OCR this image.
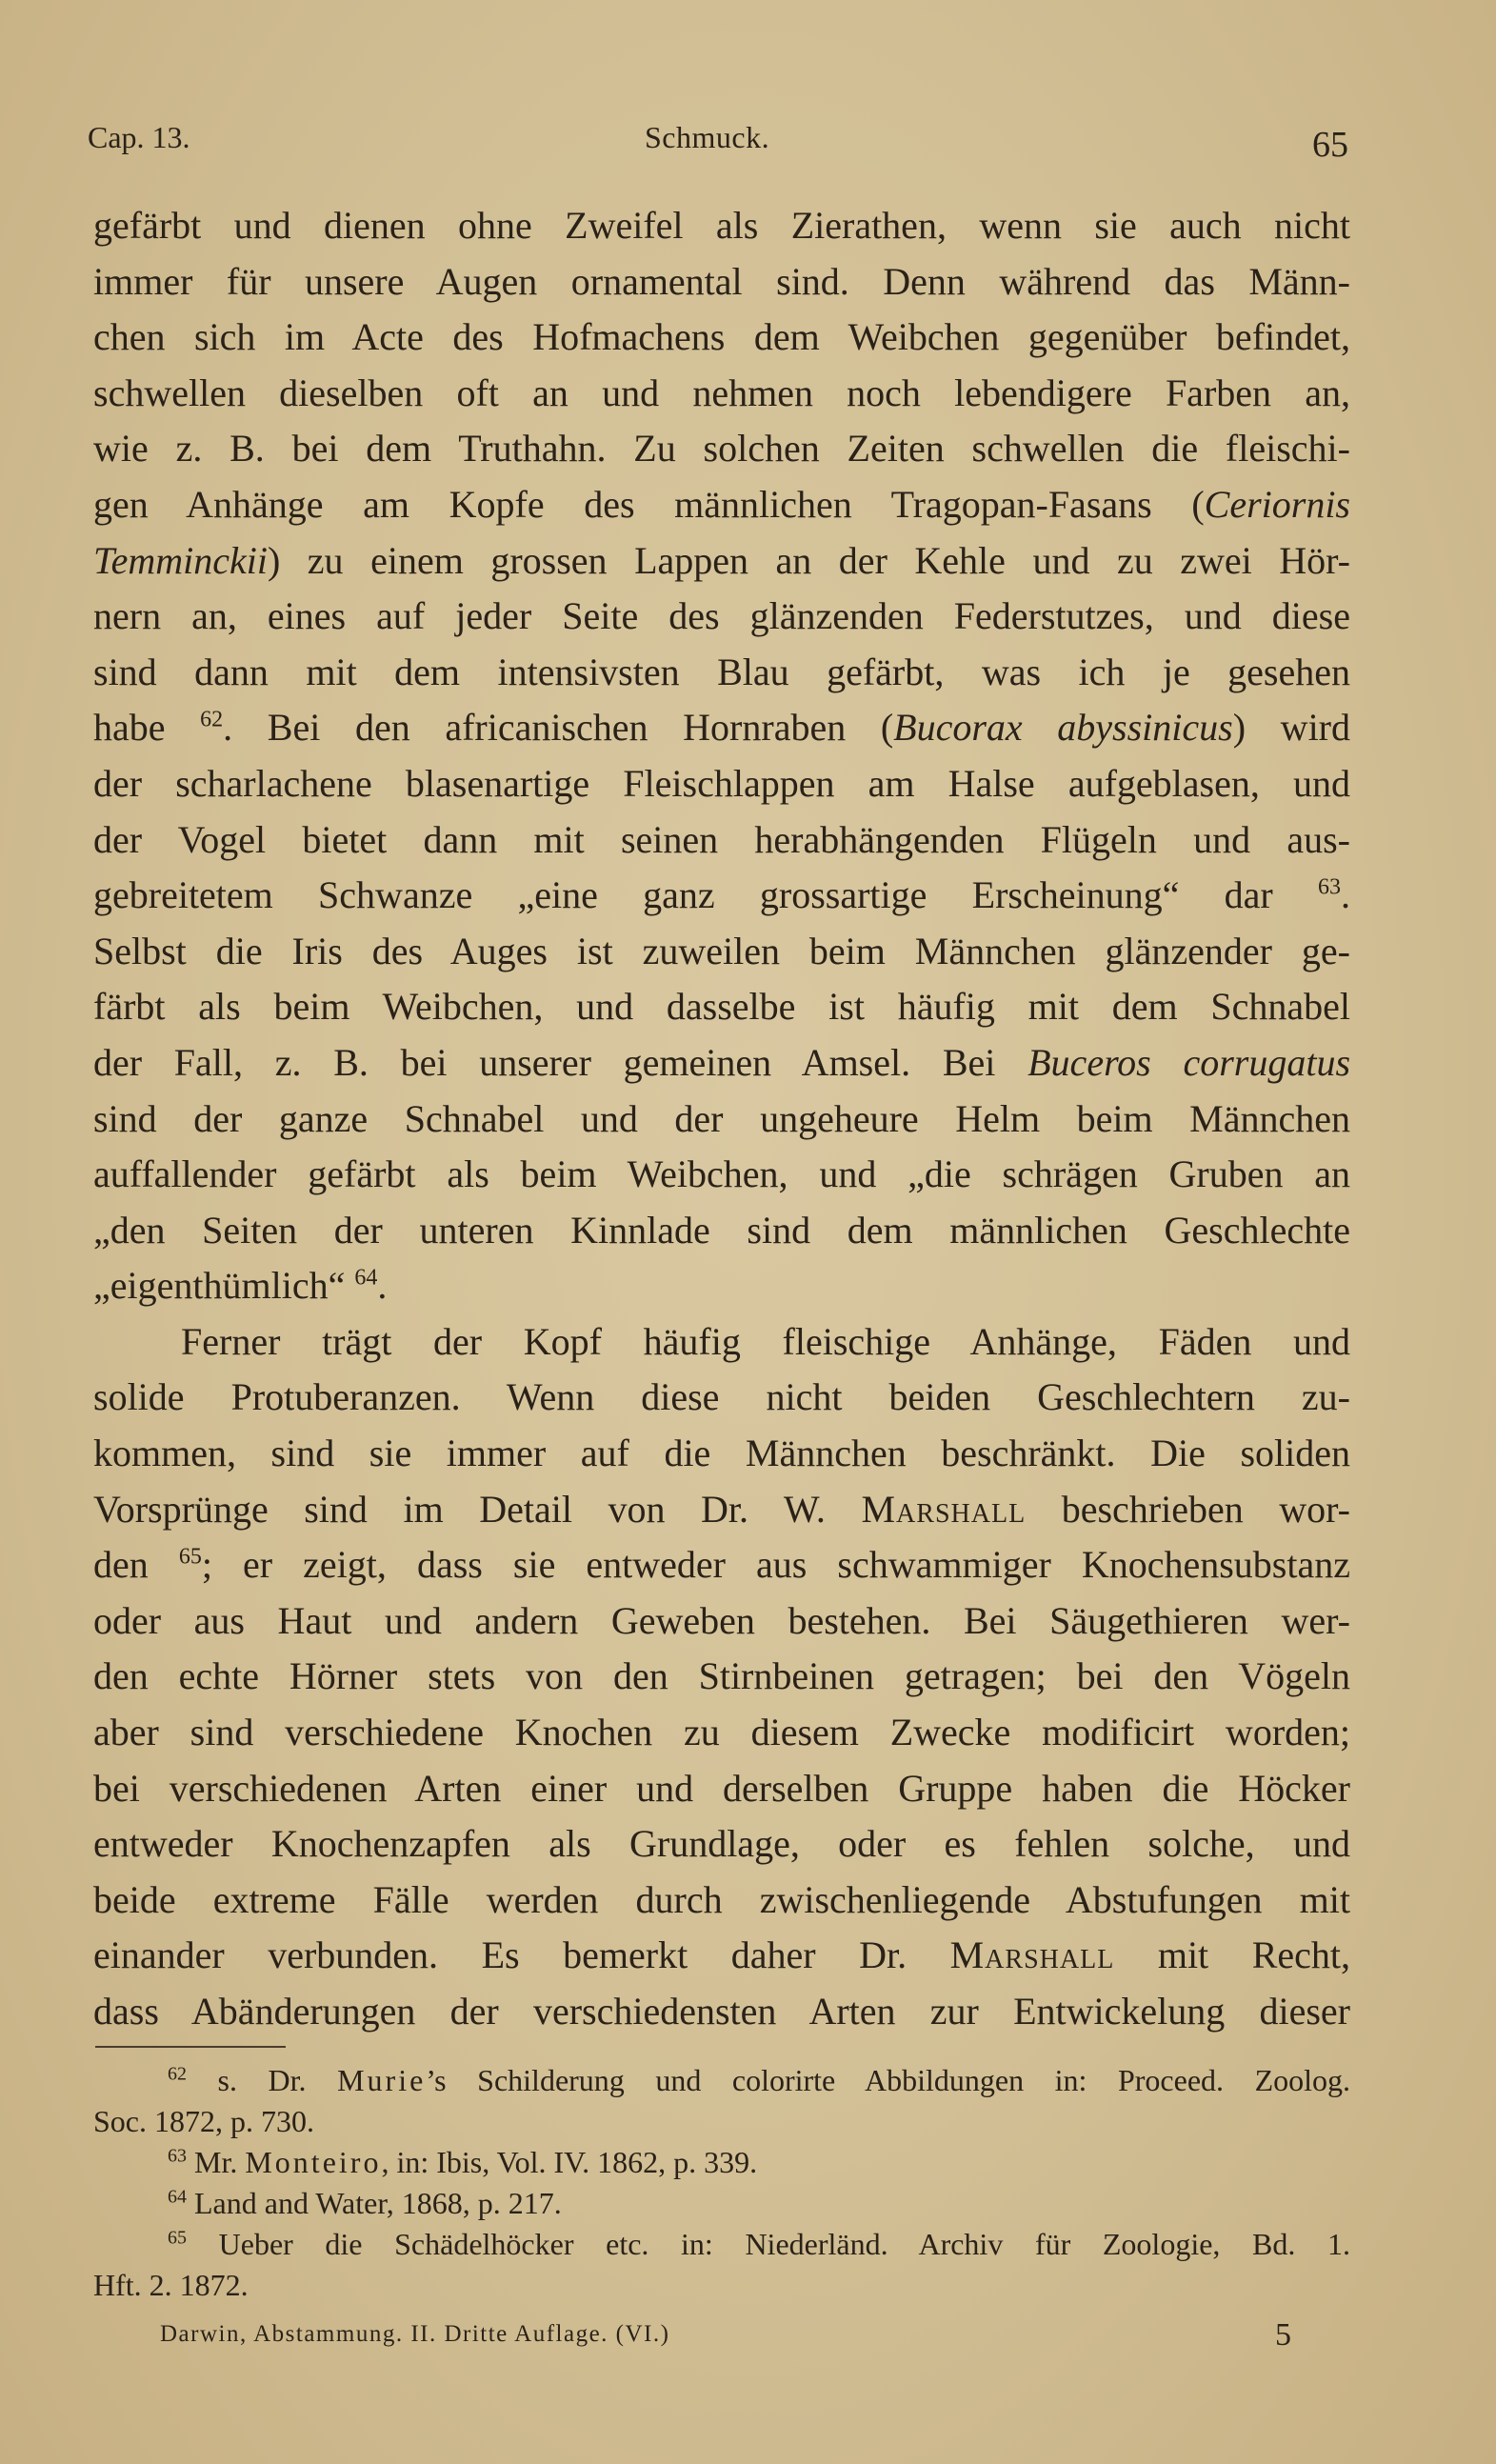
Cap. 13.	Schmuck.	65
gefärbt und dienen ohne Zweifel als Zierathen, wenn sie auch nicht
immer für unsere Augen ornamental sind. Denn während das Männ-
chen sich im Acte des Hofmachens dem Weibchen gegenüber befindet,
schwellen dieselben oft an und nehmen noch lebendigere Farben an,
wie z. B. bei dem Truthahn. Zu solchen Zeiten schwellen die fleischi-
gen Anhänge am Kopfe des männlichen Tragopan-Fasans (Ceriornis
Temminckii) zu einem grossen Lappen an der Kehle und zu zwei Hör-
nern an, eines auf jeder Seite des glänzenden Federstutzes, und diese
sind dann mit dem intensivsten Blau gefärbt, was ich je gesehen
habe $^{62}$. Bei den africanischen Hornraben (Bucorax abyssinicus) wird
der scharlachene blasenartige Fleischlappen am Halse aufgeblasen, und
der Vogel bietet dann mit seinen herabhängenden Flügeln und aus-
gebreitetem Schwanze „eine ganz grossartige Erscheinung“ dar $^{63}$.
Selbst die Iris des Auges ist zuweilen beim Männchen glänzender ge-
färbt als beim Weibchen, und dasselbe ist häufig mit dem Schnabel
der Fall, z. B. bei unserer gemeinen Amsel. Bei Buceros corrugatus
sind der ganze Schnabel und der ungeheure Helm beim Männchen
auffallender gefärbt als beim Weibchen, und „die schrägen Gruben an
„den Seiten der unteren Kinnlade sind dem männlichen Geschlechte
„eigenthümlich“ $^{64}$.
Ferner trägt der Kopf häufig fleischige Anhänge, Fäden und
solide Protuberanzen. Wenn diese nicht beiden Geschlechtern zu-
kommen, sind sie immer auf die Männchen beschränkt. Die soliden
Vorsprünge sind im Detail von Dr. W. Marshall beschrieben wor-
den $^{65}$; er zeigt, dass sie entweder aus schwammiger Knochensubstanz
oder aus Haut und andern Geweben bestehen. Bei Säugethieren wer-
den echte Hörner stets von den Stirnbeinen getragen; bei den Vögeln
aber sind verschiedene Knochen zu diesem Zwecke modificirt worden;
bei verschiedenen Arten einer und derselben Gruppe haben die Höcker
entweder Knochenzapfen als Grundlage, oder es fehlen solche, und
beide extreme Fälle werden durch zwischenliegende Abstufungen mit
einander verbunden. Es bemerkt daher Dr. Marshall mit Recht,
dass Abänderungen der verschiedensten Arten zur Entwickelung dieser
$^{62}$ s. Dr. Murie’s Schilderung und colorirte Abbildungen in: Proceed. Zoolog.
Soc. 1872, p. 730.
$^{63}$ Mr. Monteiro, in: Ibis, Vol. IV. 1862, p. 339.
$^{64}$ Land and Water, 1868, p. 217.
$^{65}$ Ueber die Schädelhöcker etc. in: Niederländ. Archiv für Zoologie, Bd. 1.
Hft. 2. 1872.
Darwin, Abstammung. II. Dritte Auflage. (VI.)	5
